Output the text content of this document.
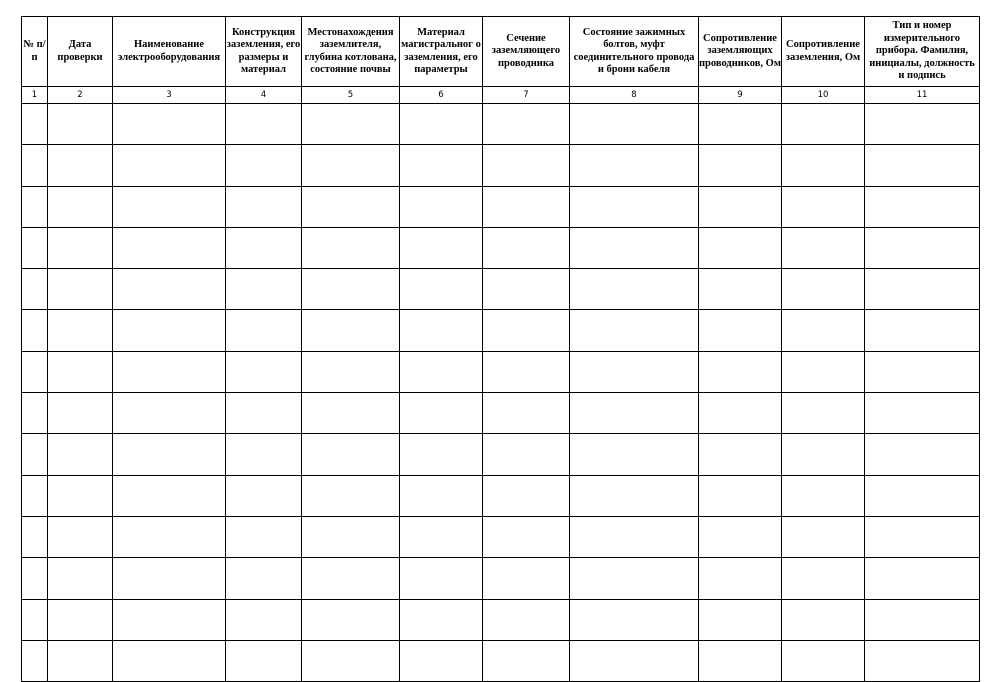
№ п/п	Дата проверки	Наименование электрооборудования	Конструкция заземления, его размеры и материал	Местонахождения заземлителя, глубина котлована, состояние почвы	Материал магистральног о заземления, его параметры	Сечение заземляющего проводника	Состояние зажимных болтов, муфт соединительного провода и брони кабеля	Сопротивление заземляющих проводников, Ом	Сопротивление заземления, Ом	Тип и номер измерительного прибора. Фамилия, инициалы, должность и подпись
1	2	3	4	5	6	7	8	9	10	11
